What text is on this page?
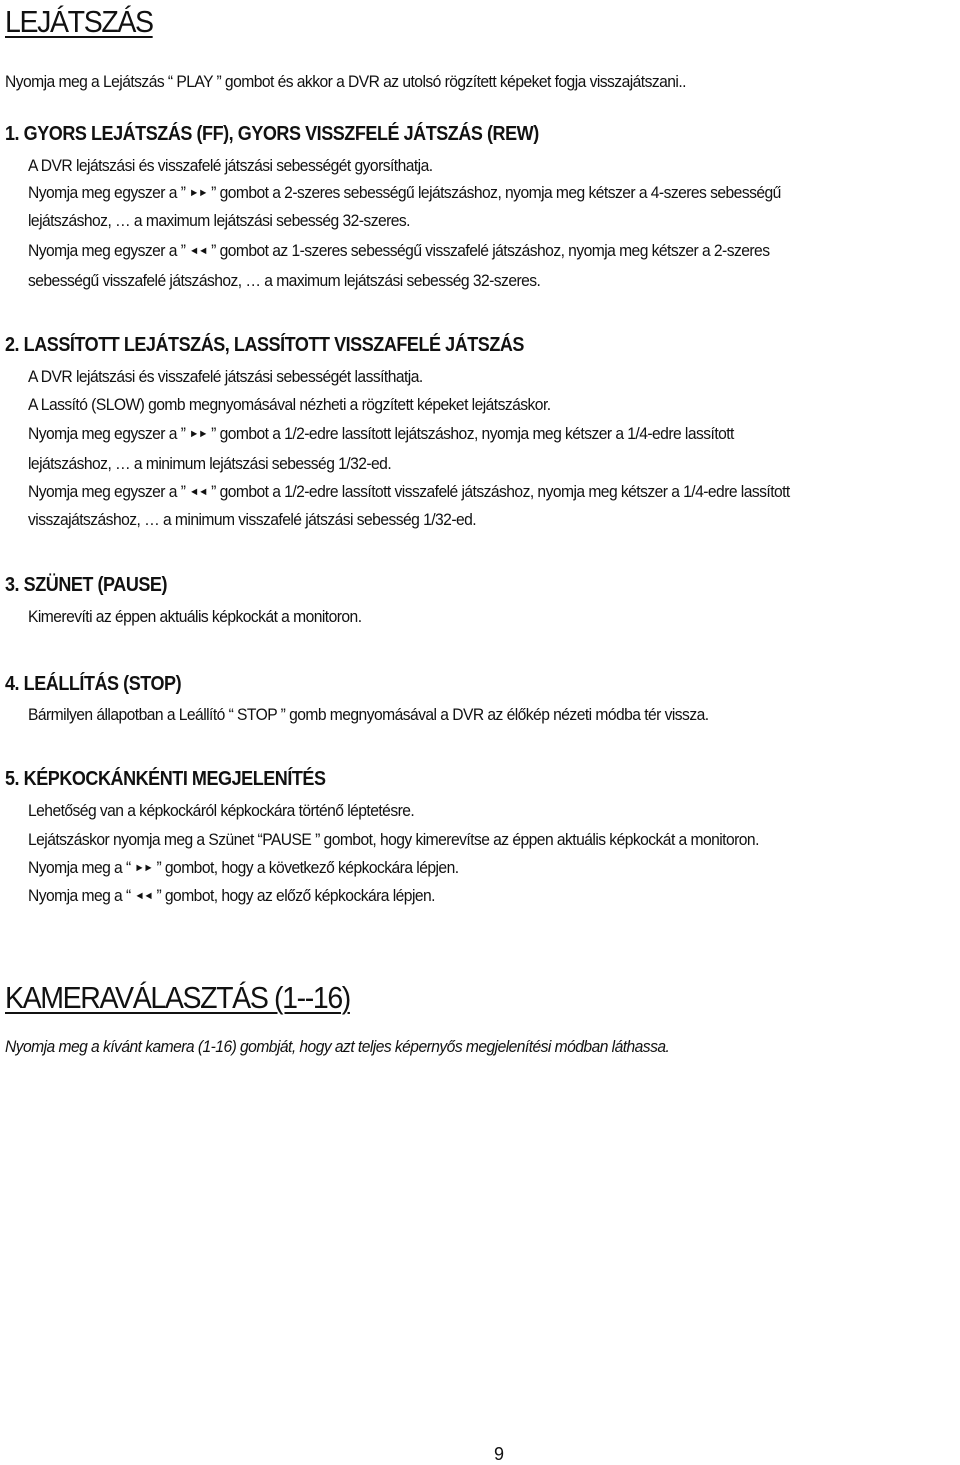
LEJÁTSZÁS

Nyomja meg a Lejátszás “ PLAY ” gombot és akkor a DVR az utolsó rögzített képeket fogja visszajátszani..

1. GYORS LEJÁTSZÁS (FF), GYORS VISSZFELÉ JÁTSZÁS (REW)

A DVR lejátszási és visszafelé játszási sebességét gyorsíthatja.

Nyomja meg egyszer a ” ►► ” gombot a 2-szeres sebességű lejátszáshoz, nyomja meg kétszer a 4-szeres sebességű

lejátszáshoz, … a maximum lejátszási sebesség 32-szeres.

Nyomja meg egyszer a ” ◄◄ ” gombot az 1-szeres sebességű visszafelé játszáshoz, nyomja meg kétszer a 2-szeres

sebességű visszafelé játszáshoz, … a maximum lejátszási sebesség 32-szeres.

2. LASSÍTOTT LEJÁTSZÁS, LASSÍTOTT VISSZAFELÉ JÁTSZÁS

A DVR lejátszási és visszafelé játszási sebességét lassíthatja.

A Lassító (SLOW) gomb megnyomásával nézheti a rögzített képeket lejátszáskor.

Nyomja meg egyszer a ” ►► ” gombot a 1/2-edre lassított lejátszáshoz, nyomja meg kétszer a 1/4-edre lassított

lejátszáshoz, … a minimum lejátszási sebesség 1/32-ed.

Nyomja meg egyszer a ” ◄◄ ” gombot a 1/2-edre lassított visszafelé játszáshoz, nyomja meg kétszer a 1/4-edre lassított

visszajátszáshoz, … a minimum visszafelé játszási sebesség 1/32-ed.

3. SZÜNET (PAUSE)

Kimerevíti az éppen aktuális képkockát a monitoron.

4. LEÁLLÍTÁS (STOP)

Bármilyen állapotban a Leállító “ STOP ” gomb megnyomásával a DVR az élőkép nézeti módba tér vissza.

5. KÉPKOCKÁNKÉNTI MEGJELENÍTÉS

Lehetőség van a képkockáról képkockára történő léptetésre.

Lejátszáskor nyomja meg a Szünet “PAUSE ” gombot, hogy kimerevítse az éppen aktuális képkockát a monitoron.

Nyomja meg a “ ►► ” gombot, hogy a következő képkockára lépjen.

Nyomja meg a “ ◄◄ ” gombot, hogy az előző képkockára lépjen.

KAMERAVÁLASZTÁS (1--16)

Nyomja meg a kívánt kamera (1-16) gombját, hogy azt teljes képernyős megjelenítési módban láthassa.

9
